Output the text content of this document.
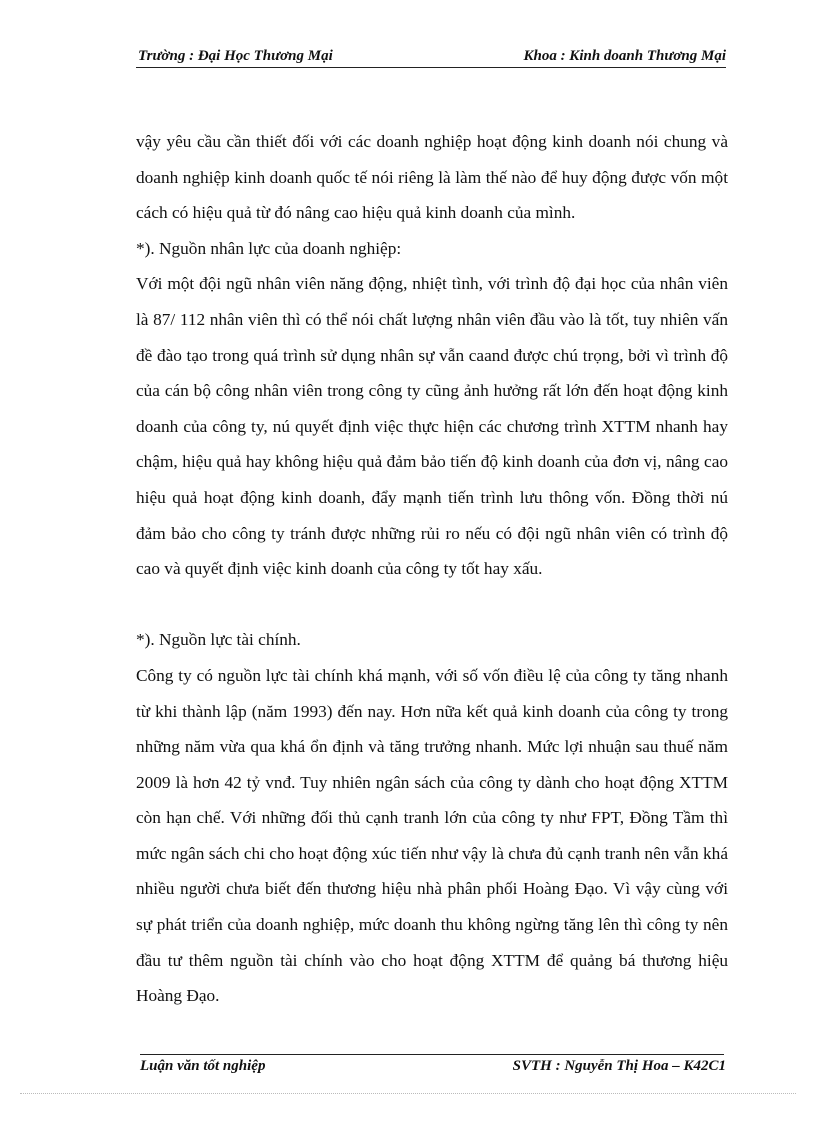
Trường : Đại Học Thương Mại	Khoa : Kinh doanh Thương Mại

vậy yêu cầu cần thiết đối với các doanh nghiệp hoạt động kinh doanh nói chung và doanh nghiệp kinh doanh quốc tế nói riêng là làm thế nào để huy động được vốn một cách có hiệu quả từ đó nâng cao hiệu quả kinh doanh của mình.

*). Nguồn nhân lực của doanh nghiệp:

Với một đội ngũ nhân viên năng động, nhiệt tình, với trình độ đại học của nhân viên là 87/ 112 nhân viên thì có thể nói chất lượng nhân viên đầu vào là tốt, tuy nhiên vấn đề đào tạo trong quá trình sử dụng nhân sự vẫn caand được chú trọng, bởi vì trình độ của cán bộ công nhân viên trong công ty cũng ảnh hưởng rất lớn đến hoạt động kinh doanh của công ty, nú quyết định việc thực hiện các chương trình XTTM nhanh hay chậm, hiệu quả hay không hiệu quả đảm bảo tiến độ kinh doanh của đơn vị, nâng cao hiệu quả hoạt động kinh doanh, đẩy mạnh tiến trình lưu thông vốn. Đồng thời nú đảm bảo cho công ty tránh được những rủi ro nếu có đội ngũ nhân viên có trình độ cao và quyết định việc kinh doanh của công ty tốt hay xấu.

*). Nguồn lực tài chính.

Công ty có nguồn lực tài chính khá mạnh, với số vốn điều lệ của công ty tăng nhanh từ khi thành lập (năm 1993) đến nay. Hơn nữa kết quả kinh doanh của công ty trong những năm vừa qua khá ổn định và tăng trưởng nhanh. Mức lợi nhuận sau thuế năm 2009 là hơn 42 tỷ vnđ. Tuy nhiên ngân sách của công ty dành cho hoạt động XTTM còn hạn chế. Với những đối thủ cạnh tranh lớn của công ty như FPT, Đồng Tầm thì mức ngân sách chi cho hoạt động xúc tiến như vậy là chưa đủ cạnh tranh nên vẫn khá nhiều người chưa biết đến thương hiệu nhà phân phối Hoàng Đạo. Vì vậy cùng với sự phát triển của doanh nghiệp, mức doanh thu không ngừng tăng lên thì công ty nên đầu tư thêm nguồn tài chính vào cho hoạt động XTTM để quảng bá thương hiệu Hoàng Đạo.

Luận văn tốt nghiệp	SVTH : Nguyễn Thị Hoa – K42C1
